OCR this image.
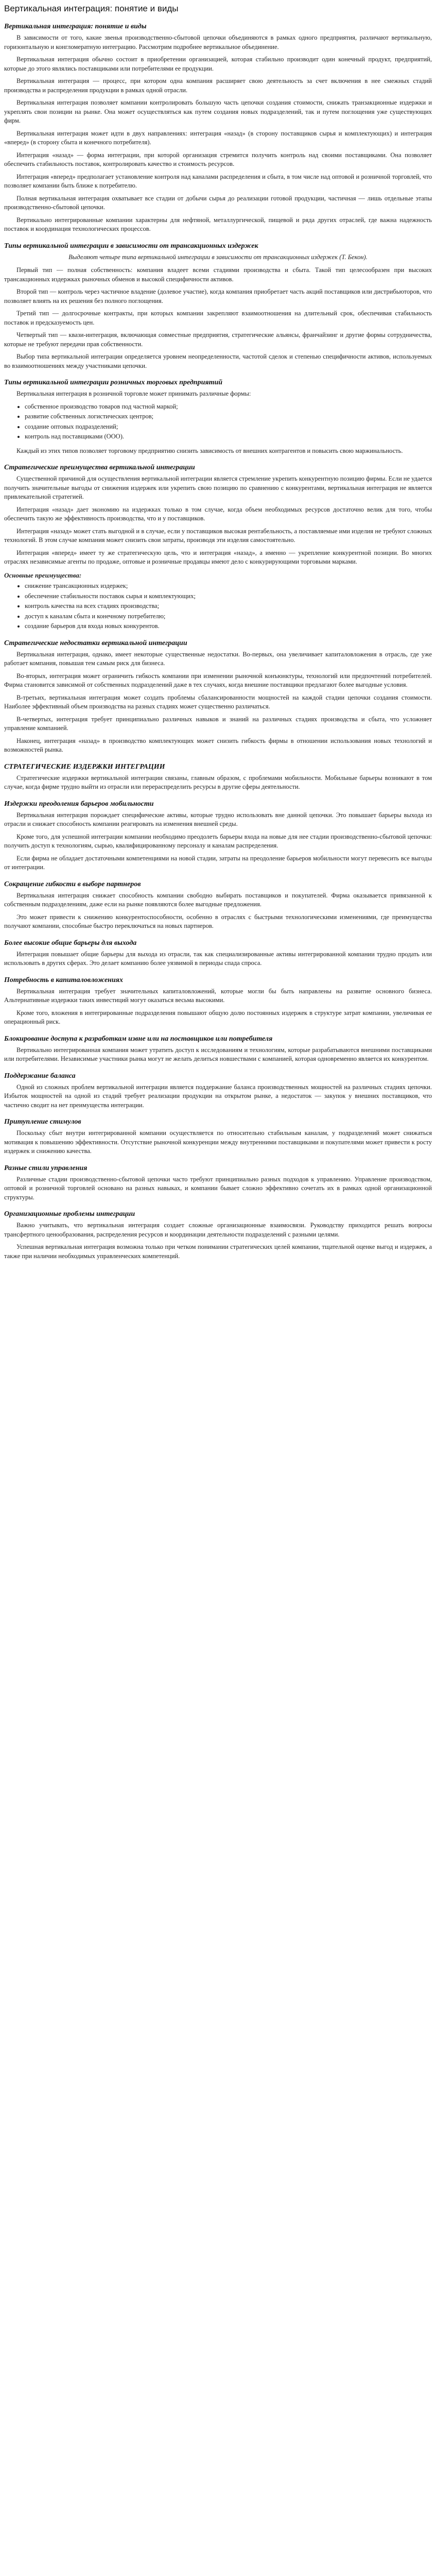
Вертикальная интеграция: понятие и виды
Вертикальная интеграция: понятие и виды

В зависимости от того, какие звенья производственно-сбытовой цепочки объединяются в рамках одного предприятия, различают вертикальную, горизонтальную и конгломератную интеграцию. Рассмотрим подробнее вертикальное объединение.

Вертикальная интеграция обычно состоит в приобретении организацией, которая стабильно производит один конечный продукт, предприятий, которые до этого являлись поставщиками или потребителями ее продукции.

Вертикальная интеграция — процесс, при котором одна компания расширяет свою деятельность за счет включения в нее смежных стадий производства и распределения продукции в рамках одной отрасли.

Вертикальная интеграция позволяет компании контролировать большую часть цепочки создания стоимости, снижать транзакционные издержки и укреплять свои позиции на рынке. Она может осуществляться как путем создания новых подразделений, так и путем поглощения уже существующих фирм.

Вертикальная интеграция может идти в двух направлениях: интеграция «назад» (в сторону поставщиков сырья и комплектующих) и интеграция «вперед» (в сторону сбыта и конечного потребителя).

Интеграция «назад» — форма интеграции, при которой организация стремится получить контроль над своими поставщиками. Она позволяет обеспечить стабильность поставок, контролировать качество и стоимость ресурсов.

Интеграция «вперед» предполагает установление контроля над каналами распределения и сбыта, в том числе над оптовой и розничной торговлей, что позволяет компании быть ближе к потребителю.

Полная вертикальная интеграция охватывает все стадии от добычи сырья до реализации готовой продукции, частичная — лишь отдельные этапы производственно-сбытовой цепочки.

Вертикально интегрированные компании характерны для нефтяной, металлургической, пищевой и ряда других отраслей, где важна надежность поставок и координация технологических процессов.

Типы вертикальной интеграции в зависимости от трансакционных издержек
Выделяют четыре типа вертикальной интеграции в зависимости от трансакционных издержек (Т. Бекон).

Первый тип — полная собственность: компания владеет всеми стадиями производства и сбыта. Такой тип целесообразен при высоких трансакционных издержках рыночных обменов и высокой специфичности активов.

Второй тип — контроль через частичное владение (долевое участие), когда компания приобретает часть акций поставщиков или дистрибьюторов, что позволяет влиять на их решения без полного поглощения.

Третий тип — долгосрочные контракты, при которых компании закрепляют взаимоотношения на длительный срок, обеспечивая стабильность поставок и предсказуемость цен.

Четвертый тип — квази-интеграция, включающая совместные предприятия, стратегические альянсы, франчайзинг и другие формы сотрудничества, которые не требуют передачи прав собственности.

Выбор типа вертикальной интеграции определяется уровнем неопределенности, частотой сделок и степенью специфичности активов, используемых во взаимоотношениях между участниками цепочки.

Типы вертикальной интеграции розничных торговых предприятий

Вертикальная интеграция в розничной торговле может принимать различные формы:

• собственное производство товаров под частной маркой;
• развитие собственных логистических центров;
• создание оптовых подразделений;
• контроль над поставщиками (ООО).

Каждый из этих типов позволяет торговому предприятию снизить зависимость от внешних контрагентов и повысить свою маржинальность.

Стратегические преимущества вертикальной интеграции

Существенной причиной для осуществления вертикальной интеграции является стремление укрепить конкурентную позицию фирмы. Если не удается получить значительные выгоды от снижения издержек или укрепить свою позицию по сравнению с конкурентами, вертикальная интеграция не является привлекательной стратегией.

Интеграция «назад» дает экономию на издержках только в том случае, когда объем необходимых ресурсов достаточно велик для того, чтобы обеспечить такую же эффективность производства, что и у поставщиков.

Интеграция «назад» может стать выгодной и в случае, если у поставщиков высокая рентабельность, а поставляемые ими изделия не требуют сложных технологий. В этом случае компания может снизить свои затраты, производя эти изделия самостоятельно.

Интеграция «вперед» имеет ту же стратегическую цель, что и интеграция «назад», а именно — укрепление конкурентной позиции. Во многих отраслях независимые агенты по продаже, оптовые и розничные продавцы имеют дело с конкурирующими торговыми марками.

Основные преимущества:
• снижение трансакционных издержек;
• обеспечение стабильности поставок сырья и комплектующих;
• контроль качества на всех стадиях производства;
• доступ к каналам сбыта и конечному потребителю;
• создание барьеров для входа новых конкурентов.
Стратегические недостатки вертикальной интеграции

Вертикальная интеграция, однако, имеет некоторые существенные недостатки. Во-первых, она увеличивает капиталовложения в отрасль, где уже работает компания, повышая тем самым риск для бизнеса.

Во-вторых, интеграция может ограничить гибкость компании при изменении рыночной конъюнктуры, технологий или предпочтений потребителей. Фирма становится зависимой от собственных подразделений даже в тех случаях, когда внешние поставщики предлагают более выгодные условия.

В-третьих, вертикальная интеграция может создать проблемы сбалансированности мощностей на каждой стадии цепочки создания стоимости. Наиболее эффективный объем производства на разных стадиях может существенно различаться.

В-четвертых, интеграция требует принципиально различных навыков и знаний на различных стадиях производства и сбыта, что усложняет управление компанией.

Наконец, интеграция «назад» в производство комплектующих может снизить гибкость фирмы в отношении использования новых технологий и возможностей рынка.

СТРАТЕГИЧЕСКИЕ ИЗДЕРЖКИ ИНТЕГРАЦИИ

Стратегические издержки вертикальной интеграции связаны, главным образом, с проблемами мобильности. Мобильные барьеры возникают в том случае, когда фирме трудно выйти из отрасли или перераспределить ресурсы в другие сферы деятельности.

Издержки преодоления барьеров мобильности

Вертикальная интеграция порождает специфические активы, которые трудно использовать вне данной цепочки. Это повышает барьеры выхода из отрасли и снижает способность компании реагировать на изменения внешней среды.

Кроме того, для успешной интеграции компании необходимо преодолеть барьеры входа на новые для нее стадии производственно-сбытовой цепочки: получить доступ к технологиям, сырью, квалифицированному персоналу и каналам распределения.

Если фирма не обладает достаточными компетенциями на новой стадии, затраты на преодоление барьеров мобильности могут перевесить все выгоды от интеграции.

Сокращение гибкости в выборе партнеров

Вертикальная интеграция снижает способность компании свободно выбирать поставщиков и покупателей. Фирма оказывается привязанной к собственным подразделениям, даже если на рынке появляются более выгодные предложения.

Это может привести к снижению конкурентоспособности, особенно в отраслях с быстрыми технологическими изменениями, где преимущества получают компании, способные быстро переключаться на новых партнеров.

Более высокие общие барьеры для выхода

Интеграция повышает общие барьеры для выхода из отрасли, так как специализированные активы интегрированной компании трудно продать или использовать в других сферах. Это делает компанию более уязвимой в периоды спада спроса.

Потребность в капиталовложениях

Вертикальная интеграция требует значительных капиталовложений, которые могли бы быть направлены на развитие основного бизнеса. Альтернативные издержки таких инвестиций могут оказаться весьма высокими.

Кроме того, вложения в интегрированные подразделения повышают общую долю постоянных издержек в структуре затрат компании, увеличивая ее операционный риск.

Блокирование доступа к разработкам извне или на поставщиков или потребителя

Вертикально интегрированная компания может утратить доступ к исследованиям и технологиям, которые разрабатываются внешними поставщиками или потребителями. Независимые участники рынка могут не желать делиться новшествами с компанией, которая одновременно является их конкурентом.

Поддержание баланса

Одной из сложных проблем вертикальной интеграции является поддержание баланса производственных мощностей на различных стадиях цепочки. Избыток мощностей на одной из стадий требует реализации продукции на открытом рынке, а недостаток — закупок у внешних поставщиков, что частично сводит на нет преимущества интеграции.

Притупление стимулов

Поскольку сбыт внутри интегрированной компании осуществляется по относительно стабильным каналам, у подразделений может снижаться мотивация к повышению эффективности. Отсутствие рыночной конкуренции между внутренними поставщиками и покупателями может привести к росту издержек и снижению качества.

Разные стили управления

Различные стадии производственно-сбытовой цепочки часто требуют принципиально разных подходов к управлению. Управление производством, оптовой и розничной торговлей основано на разных навыках, и компании бывает сложно эффективно сочетать их в рамках одной организационной структуры.

Организационные проблемы интеграции

Важно учитывать, что вертикальная интеграция создает сложные организационные взаимосвязи. Руководству приходится решать вопросы трансфертного ценообразования, распределения ресурсов и координации деятельности подразделений с разными целями.

Успешная вертикальная интеграция возможна только при четком понимании стратегических целей компании, тщательной оценке выгод и издержек, а также при наличии необходимых управленческих компетенций.
